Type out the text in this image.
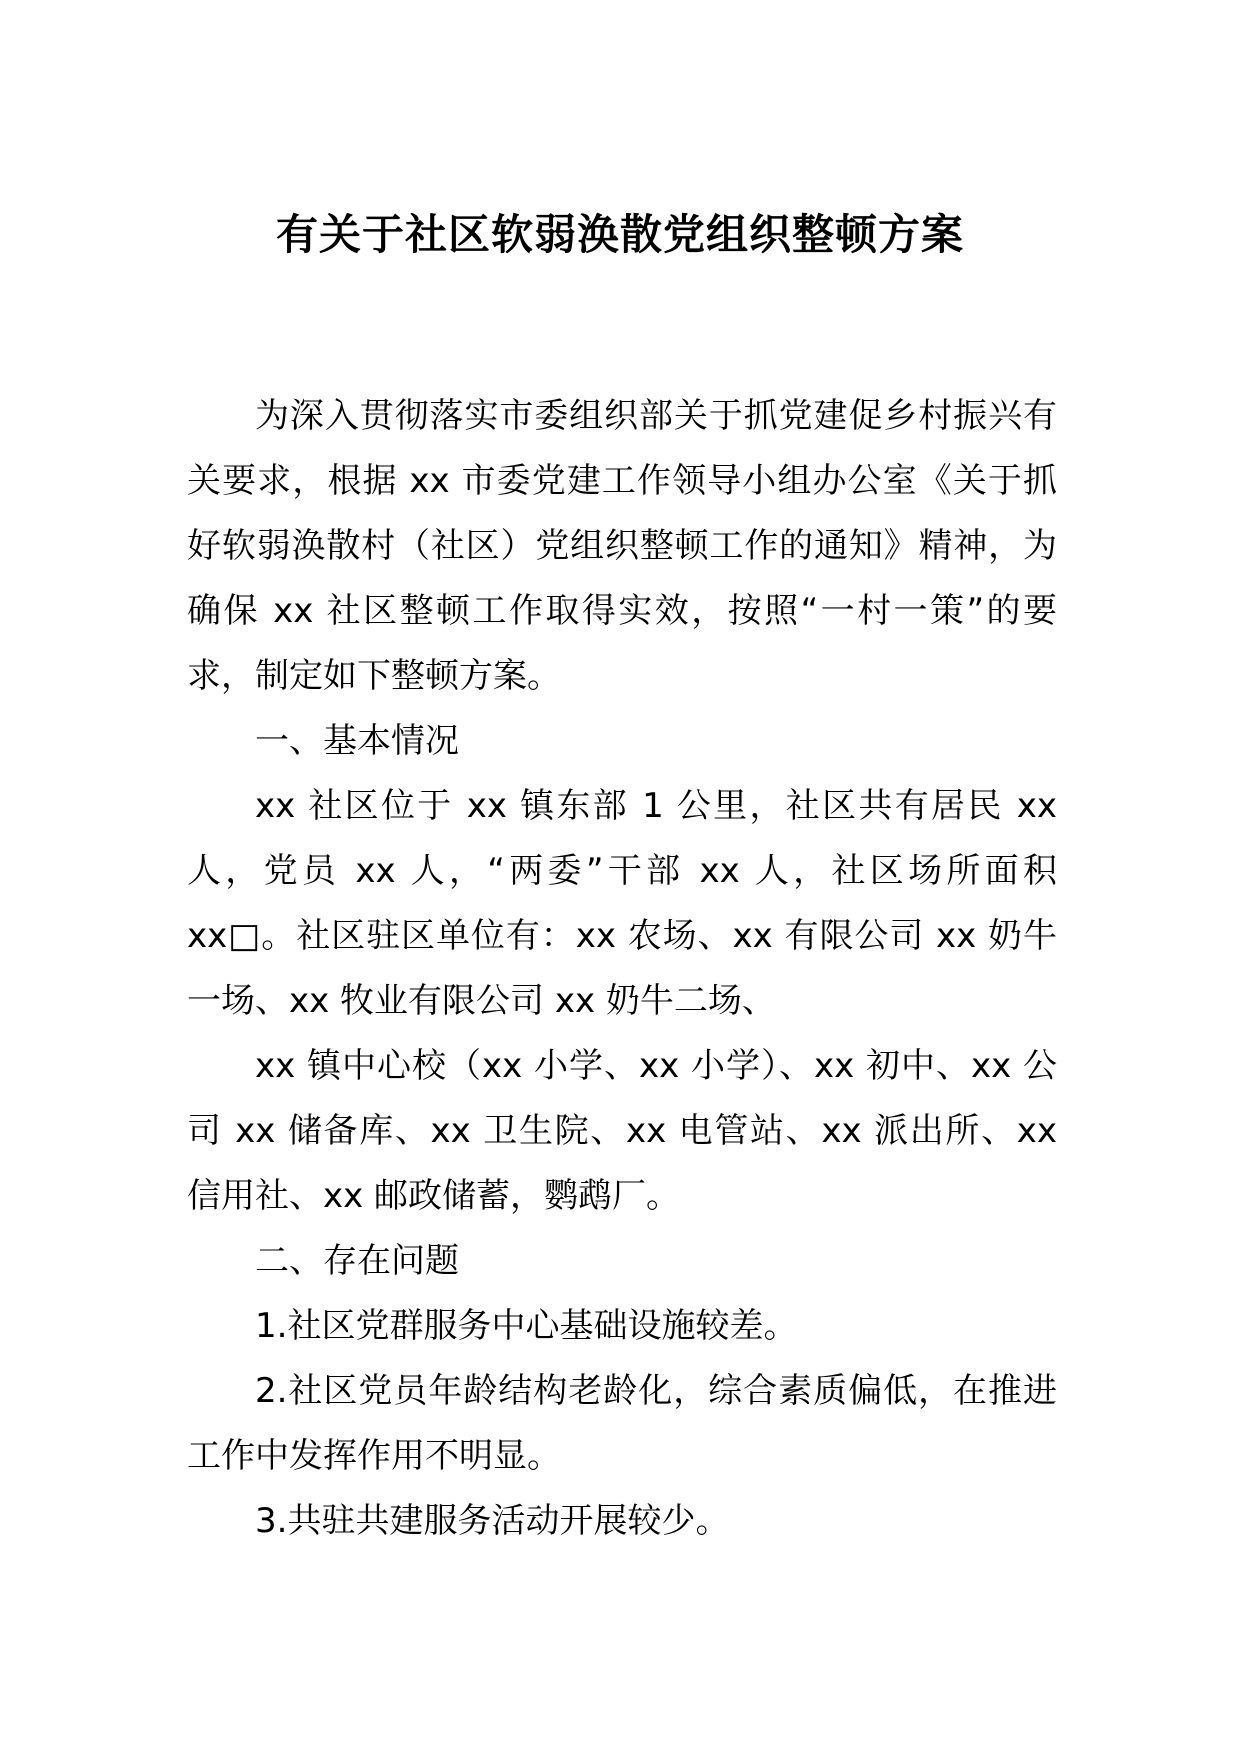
有关于社区软弱涣散党组织整顿方案

为深入贯彻落实市委组织部关于抓党建促乡村振兴有关要求，根据 xx 市委党建工作领导小组办公室《关于抓好软弱涣散村（社区）党组织整顿工作的通知》精神，为确保 xx 社区整顿工作取得实效，按照“一村一策”的要求，制定如下整顿方案。

一、基本情况

xx 社区位于 xx 镇东部 1 公里，社区共有居民 xx 人，党员 xx 人，“两委”干部 xx 人，社区场所面积 xx□。社区驻区单位有：xx 农场、xx 有限公司 xx 奶牛一场、xx 牧业有限公司 xx 奶牛二场、

xx 镇中心校（xx 小学、xx 小学）、xx 初中、xx 公司 xx 储备库、xx 卫生院、xx 电管站、xx 派出所、xx 信用社、xx 邮政储蓄，鹦鹉厂。

二、存在问题

1.社区党群服务中心基础设施较差。

2.社区党员年龄结构老龄化，综合素质偏低，在推进工作中发挥作用不明显。

3.共驻共建服务活动开展较少。
